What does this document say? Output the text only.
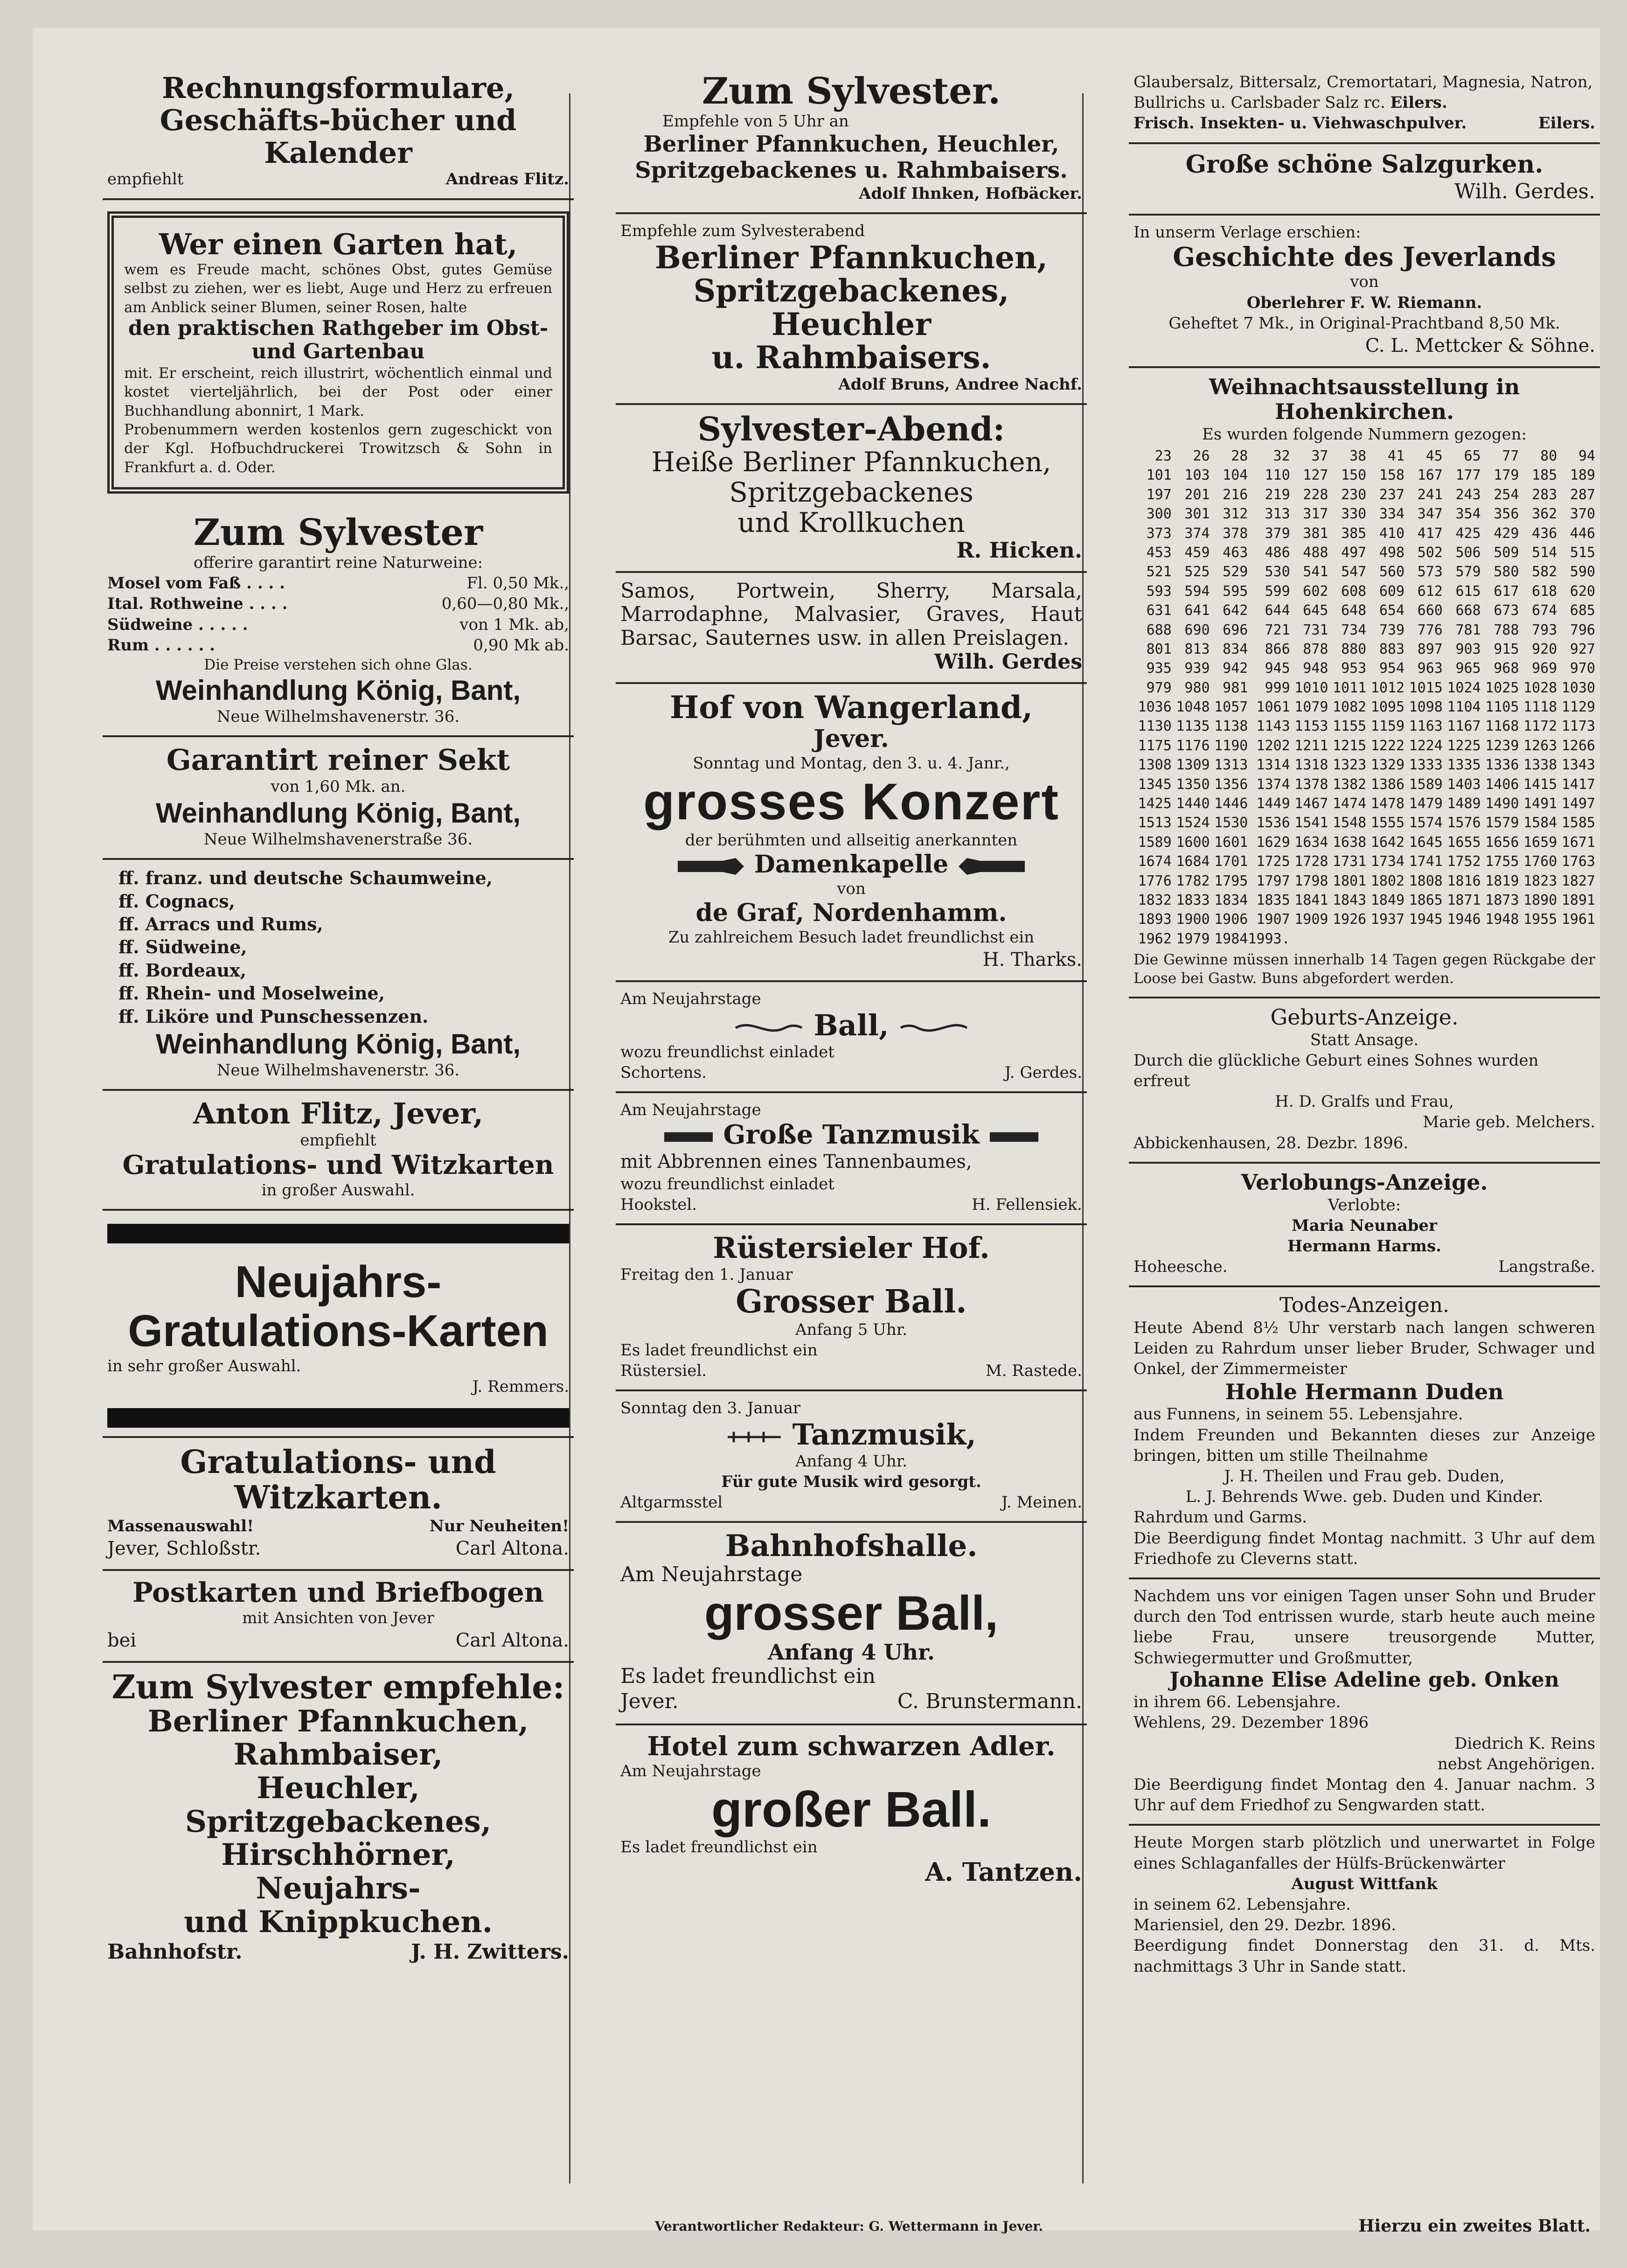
Rechnungsformulare, Geschäfts-bücher und Kalender

empfiehlt	Andreas Flitz.

Wer einen Garten hat,

wem es Freude macht, schönes Obst, gutes Gemüse selbst zu ziehen, wer es liebt, Auge und Herz zu erfreuen am Anblick seiner Blumen, seiner Rosen, halte

den praktischen Rathgeber im Obst- und Gartenbau

mit. Er erscheint, reich illustrirt, wöchentlich einmal und kostet vierteljährlich, bei der Post oder einer Buchhandlung abonnirt, 1 Mark.

Probenummern werden kostenlos gern zugeschickt von der Kgl. Hofbuchdruckerei Trowitzsch & Sohn in Frankfurt a. d. Oder.

Zum Sylvester

offerire garantirt reine Naturweine:

Mosel vom Faß . . . .	Fl. 0,50 Mk.,
Ital. Rothweine . . . .	0,60—0,80 Mk.,
Südweine . . . . .	von 1 Mk. ab,
Rum . . . . . .	0,90 Mk ab.

Die Preise verstehen sich ohne Glas.

Weinhandlung König, Bant,

Neue Wilhelmshavenerstr. 36.

Garantirt reiner Sekt

von 1,60 Mk. an.

Weinhandlung König, Bant,

Neue Wilhelmshavenerstraße 36.

ff. franz. und deutsche Schaumweine,
ff. Cognacs,
ff. Arracs und Rums,
ff. Südweine,
ff. Bordeaux,
ff. Rhein- und Moselweine,
ff. Liköre und Punschessenzen.

Weinhandlung König, Bant,

Neue Wilhelmshavenerstr. 36.

Anton Flitz, Jever,

empfiehlt

Gratulations- und Witzkarten

in großer Auswahl.

Neujahrs-Gratulations-Karten

in sehr großer Auswahl.

J. Remmers.

Gratulations- und Witzkarten.

Massenauswahl!	Nur Neuheiten!
Jever, Schloßstr.	Carl Altona.

Postkarten und Briefbogen

mit Ansichten von Jever

bei	Carl Altona.

Zum Sylvester empfehle:

Berliner Pfannkuchen,

Rahmbaiser,

Heuchler,

Spritzgebackenes,

Hirschhörner,

Neujahrs-

und Knippkuchen.

Bahnhofstr.	J. H. Zwitters.

Zum Sylvester.

Empfehle von 5 Uhr an

Berliner Pfannkuchen, Heuchler, Spritzgebackenes u. Rahmbaisers.

Adolf Ihnken, Hofbäcker.

Empfehle zum Sylvesterabend

Berliner Pfannkuchen,

Spritzgebackenes,

Heuchler

u. Rahmbaisers.

Adolf Bruns, Andree Nachf.

Sylvester-Abend:

Heiße Berliner Pfannkuchen,

Spritzgebackenes

und Krollkuchen

R. Hicken.

Samos, Portwein, Sherry, Marsala, Marrodaphne, Malvasier, Graves, Haut Barsac, Sauternes usw. in allen Preislagen.

Wilh. Gerdes

Hof von Wangerland,

Jever.

Sonntag und Montag, den 3. u. 4. Janr.,

grosses Konzert

der berühmten und allseitig anerkannten

Damenkapelle

von

de Graf, Nordenhamm.

Zu zahlreichem Besuch ladet freundlichst ein

H. Tharks.

Am Neujahrstage

Ball,

wozu freundlichst einladet

Schortens.	J. Gerdes.

Am Neujahrstage

Große Tanzmusik

mit Abbrennen eines Tannenbaumes,

wozu freundlichst einladet

Hookstel.	H. Fellensiek.

Rüstersieler Hof.

Freitag den 1. Januar

Grosser Ball.

Anfang 5 Uhr.

Es ladet freundlichst ein

Rüstersiel.	M. Rastede.

Sonntag den 3. Januar

Tanzmusik,

Anfang 4 Uhr.

Für gute Musik wird gesorgt.

Altgarmsstel	J. Meinen.

Bahnhofshalle.

Am Neujahrstage

grosser Ball,

Anfang 4 Uhr.

Es ladet freundlichst ein

Jever.	C. Brunstermann.

Hotel zum schwarzen Adler.

Am Neujahrstage

großer Ball.

Es ladet freundlichst ein

A. Tantzen.

Glaubersalz, Bittersalz, Cremortatari, Magnesia, Natron, Bullrichs u. Carlsbader Salz rc. Eilers.

Frisch. Insekten- u. Viehwaschpulver.	Eilers.

Große schöne Salzgurken.

Wilh. Gerdes.

In unserm Verlage erschien:

Geschichte des Jeverlands

von

Oberlehrer F. W. Riemann.

Geheftet 7 Mk., in Original-Prachtband 8,50 Mk.

C. L. Mettcker & Söhne.

Weihnachtsausstellung in Hohenkirchen.

Es wurden folgende Nummern gezogen:

23	26	28	32	37	38	41	45	65	77	80	94
101 103 104	110 127 150 158 167 177 179 185 189
197 201 216	219 228 230 237 241 243 254 283 287
300 301 312	313 317 330 334 347 354 356 362 370
373 374 378	379 381 385 410 417 425 429 436 446
453 459 463	486 488 497 498 502 506 509 514 515
521 525 529	530 541 547 560 573 579 580 582 590
593 594 595	599 602 608 609 612 615 617 618 620
631 641 642	644 645 648 654 660 668 673 674 685
688 690 696	721 731 734 739 776 781 788 793 796
801 813 834	866 878 880 883 897 903 915 920 927
935 939 942	945 948 953 954 963 965 968 969 970
979 980 981	999 1010 1011 1012 1015 1024 1025 1028 1030
1036 1048 1057 1061 1079 1082 1095 1098 1104 1105 1118 1129
1130 1135 1138 1143 1153 1155 1159 1163 1167 1168 1172 1173
1175 1176 1190 1202 1211 1215 1222 1224 1225 1239 1263 1266
1308 1309 1313 1314 1318 1323 1329 1333 1335 1336 1338 1343
1345 1350 1356 1374 1378 1382 1386 1589 1403 1406 1415 1417
1425 1440 1446 1449 1467 1474 1478 1479 1489 1490 1491 1497
1513 1524 1530 1536 1541 1548 1555 1574 1576 1579 1584 1585
1589 1600 1601 1629 1634 1638 1642 1645 1655 1656 1659 1671
1674 1684 1701 1725 1728 1731 1734 1741 1752 1755 1760 1763
1776 1782 1795 1797 1798 1801 1802 1808 1816 1819 1823 1827
1832 1833 1834 1835 1841 1843 1849 1865 1871 1873 1890 1891
1893 1900 1906 1907 1909 1926 1937 1945 1946 1948 1955 1961
1962 1979 1984 1993.

Die Gewinne müssen innerhalb 14 Tagen gegen Rückgabe der Loose bei Gastw. Buns abgefordert werden.

Geburts-Anzeige.

Statt Ansage.

Durch die glückliche Geburt eines Sohnes wurden erfreut

H. D. Gralfs und Frau,

Marie geb. Melchers.

Abbickenhausen, 28. Dezbr. 1896.

Verlobungs-Anzeige.

Verlobte:

Maria Neunaber

Hermann Harms.

Hoheesche.	Langstraße.

Todes-Anzeigen.

Heute Abend 8½ Uhr verstarb nach langen schweren Leiden zu Rahrdum unser lieber Bruder, Schwager und Onkel, der Zimmermeister

Hohle Hermann Duden

aus Funnens, in seinem 55. Lebensjahre.

Indem Freunden und Bekannten dieses zur Anzeige bringen, bitten um stille Theilnahme

J. H. Theilen und Frau geb. Duden,

L. J. Behrends Wwe. geb. Duden und Kinder.

Rahrdum und Garms.

Die Beerdigung findet Montag nachmitt. 3 Uhr auf dem Friedhofe zu Cleverns statt.

Nachdem uns vor einigen Tagen unser Sohn und Bruder durch den Tod entrissen wurde, starb heute auch meine liebe Frau, unsere treusorgende Mutter, Schwiegermutter und Großmutter,

Johanne Elise Adeline geb. Onken

in ihrem 66. Lebensjahre.

Wehlens, 29. Dezember 1896

Diedrich K. Reins

nebst Angehörigen.

Die Beerdigung findet Montag den 4. Januar nachm. 3 Uhr auf dem Friedhof zu Sengwarden statt.

Heute Morgen starb plötzlich und unerwartet in Folge eines Schlaganfalles der Hülfs-Brückenwärter

August Wittfank

in seinem 62. Lebensjahre.

Mariensiel, den 29. Dezbr. 1896.

Beerdigung findet Donnerstag den 31. d. Mts. nachmittags 3 Uhr in Sande statt.

Verantwortlicher Redakteur: G. Wettermann in Jever.	Hierzu ein zweites Blatt.
